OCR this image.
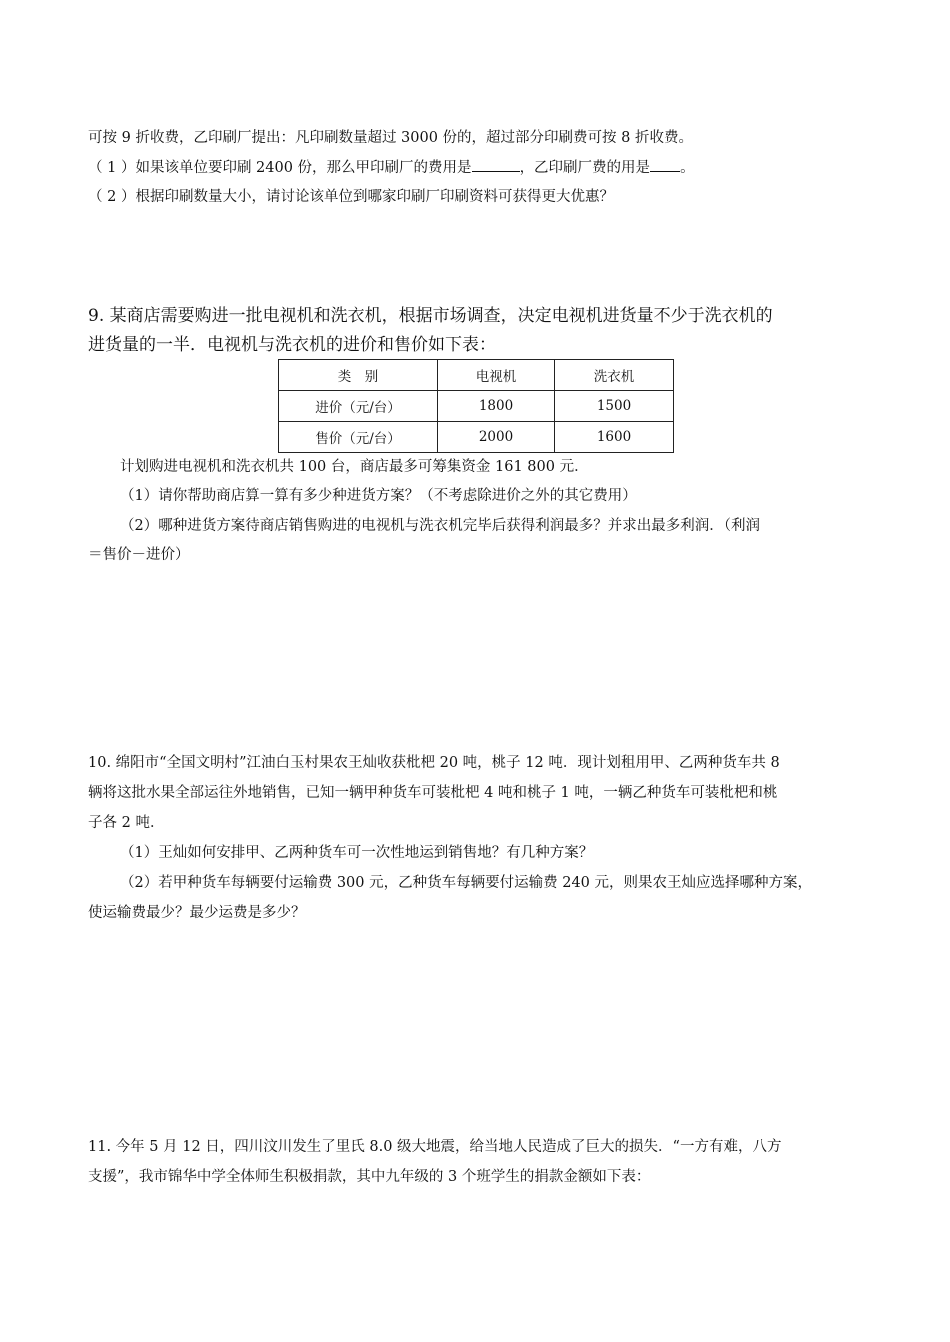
可按 9 折收费，乙印刷厂提出：凡印刷数量超过 3000 份的，超过部分印刷费可按 8 折收费。
（ 1 ）如果该单位要印刷 2400 份，那么甲印刷厂的费用是	，乙印刷厂费的用是 。
（ 2 ）根据印刷数量大小，请讨论该单位到哪家印刷厂印刷资料可获得更大优惠？
9. 某商店需要购进一批电视机和洗衣机，根据市场调查，决定电视机进货量不少于洗衣机的
进货量的一半．电视机与洗衣机的进价和售价如下表：
类　别	电视机	洗衣机
进价（元/台）	1800	1500
售价（元/台）	2000	1600
计划购进电视机和洗衣机共 100 台，商店最多可筹集资金 161 800 元．
（1）请你帮助商店算一算有多少种进货方案？（不考虑除进价之外的其它费用）
（2）哪种进货方案待商店销售购进的电视机与洗衣机完毕后获得利润最多？并求出最多利润．（利润
＝售价－进价）
10. 绵阳市“全国文明村”江油白玉村果农王灿收获枇杷 20 吨，桃子 12 吨．现计划租用甲、乙两种货车共 8
辆将这批水果全部运往外地销售，已知一辆甲种货车可装枇杷 4 吨和桃子 1 吨，一辆乙种货车可装枇杷和桃
子各 2 吨．
（1）王灿如何安排甲、乙两种货车可一次性地运到销售地？有几种方案？
（2）若甲种货车每辆要付运输费 300 元，乙种货车每辆要付运输费 240 元，则果农王灿应选择哪种方案，
使运输费最少？最少运费是多少？
11. 今年 5 月 12 日，四川汶川发生了里氏 8.0 级大地震，给当地人民造成了巨大的损失．“一方有难，八方
支援”，我市锦华中学全体师生积极捐款，其中九年级的 3 个班学生的捐款金额如下表：
